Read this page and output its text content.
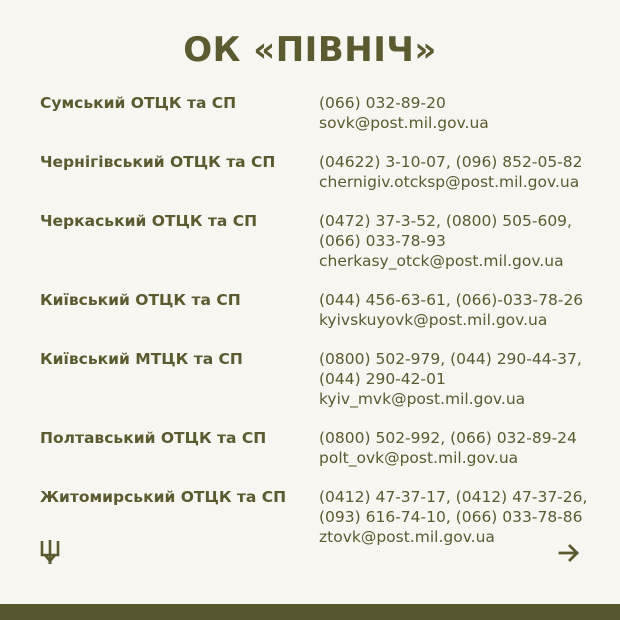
ОК «ПІВНІЧ»
Сумський ОТЦК та СП	(066) 032-89-20
sovk@post.mil.gov.ua
Чернігівський ОТЦК та СП	(04622) 3-10-07, (096) 852-05-82
chernigiv.otcksp@post.mil.gov.ua
Черкаський ОТЦК та СП	(0472) 37-3-52, (0800) 505-609,
(066) 033-78-93
cherkasy_otck@post.mil.gov.ua
Київський ОТЦК та СП	(044) 456-63-61, (066)-033-78-26
kyivskuyovk@post.mil.gov.ua
Київський МТЦК та СП	(0800) 502-979, (044) 290-44-37,
(044) 290-42-01
kyiv_mvk@post.mil.gov.ua
Полтавський ОТЦК та СП	(0800) 502-992, (066) 032-89-24
polt_ovk@post.mil.gov.ua
Житомирський ОТЦК та СП (0412) 47-37-17, (0412) 47-37-26,
(093) 616-74-10, (066) 033-78-86
ztovk@post.mil.gov.ua
